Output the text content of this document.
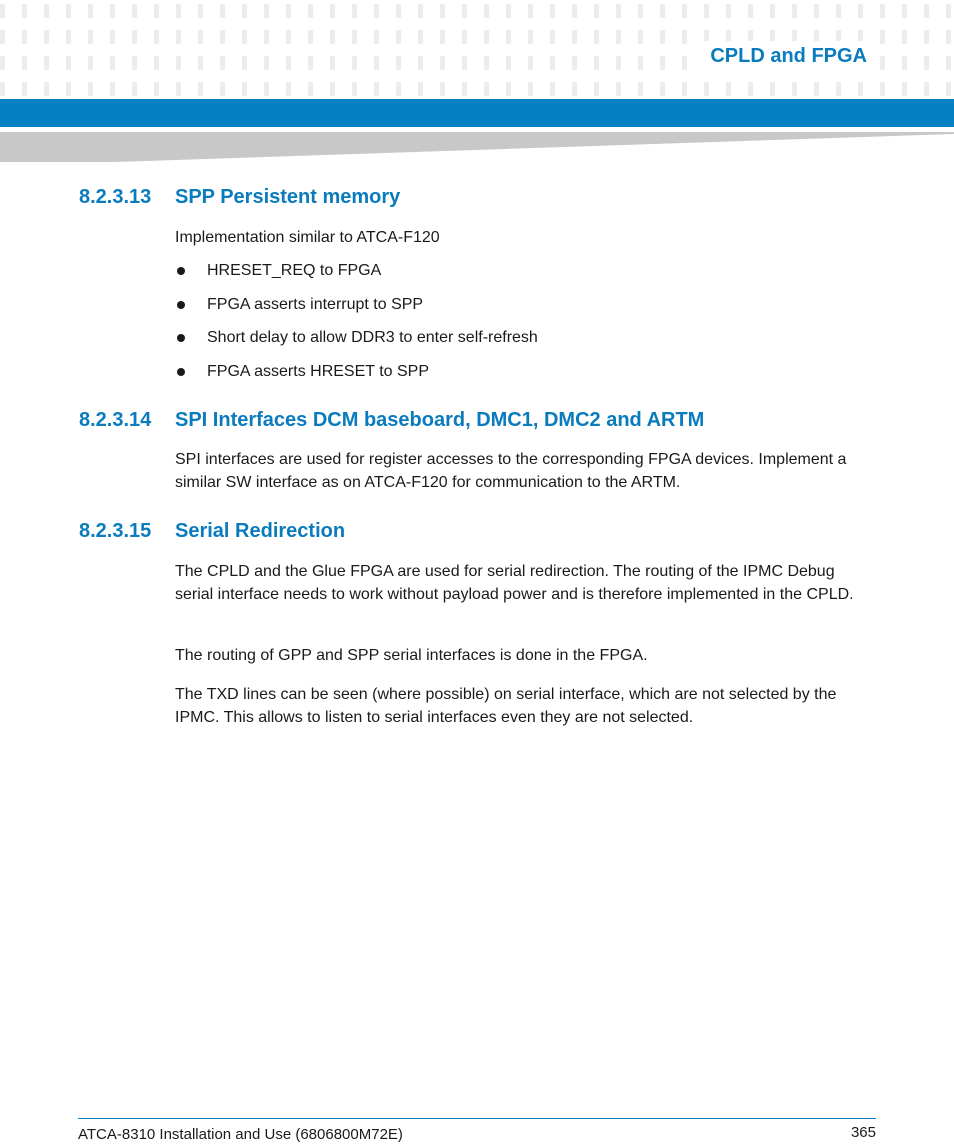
CPLD and FPGA
8.2.3.13 SPP Persistent memory
Implementation similar to ATCA-F120
HRESET_REQ to FPGA
FPGA asserts interrupt to SPP
Short delay to allow DDR3 to enter self-refresh
FPGA asserts HRESET to SPP
8.2.3.14 SPI Interfaces DCM baseboard, DMC1, DMC2 and ARTM
SPI interfaces are used for register accesses to the corresponding FPGA devices. Implement a similar SW interface as on ATCA-F120 for communication to the ARTM.
8.2.3.15 Serial Redirection
The CPLD and the Glue FPGA are used for serial redirection. The routing of the IPMC Debug serial interface needs to work without payload power and is therefore implemented in the CPLD.
The routing of GPP and SPP serial interfaces is done in the FPGA.
The TXD lines can be seen (where possible) on serial interface, which are not selected by the IPMC. This allows to listen to serial interfaces even they are not selected.
ATCA-8310 Installation and Use (6806800M72E)	365
